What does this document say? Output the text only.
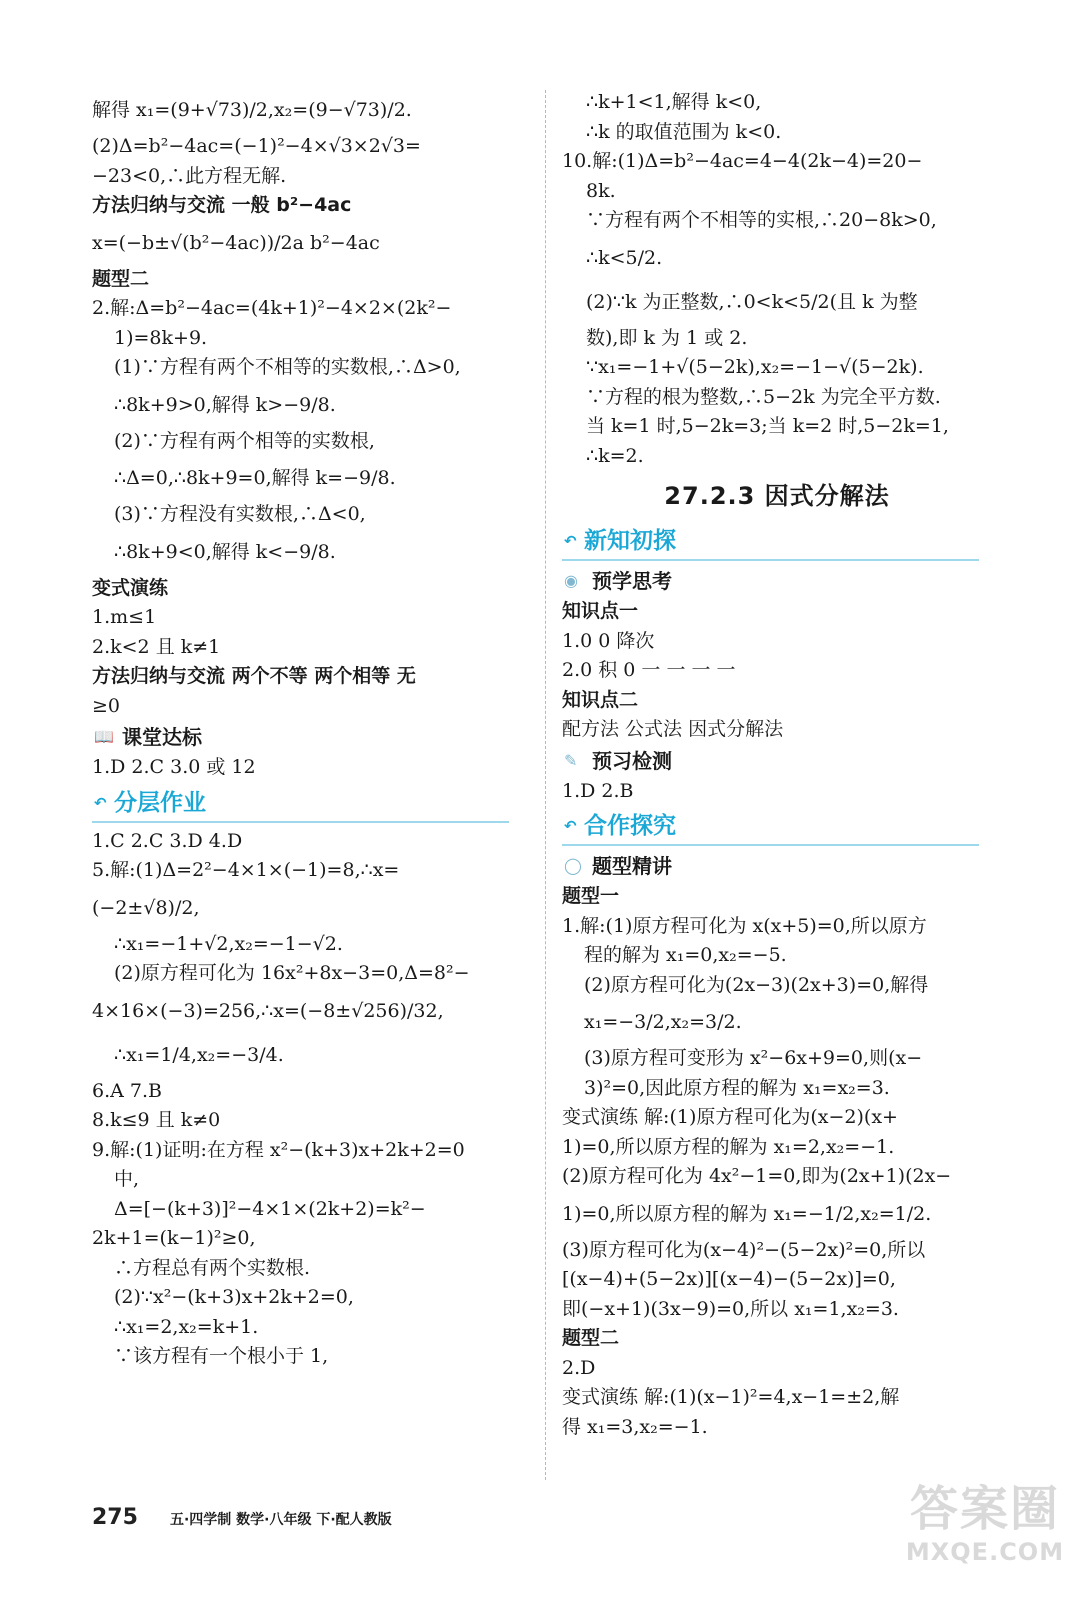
解得 x₁=(9+√73)/2,x₂=(9−√73)/2.
(2)Δ=b²−4ac=(−1)²−4×√3×2√3=
−23<0,∴此方程无解.
方法归纳与交流 一般 b²−4ac
x=(−b±√(b²−4ac))/2a b²−4ac
题型二
2.解:Δ=b²−4ac=(4k+1)²−4×2×(2k²−
1)=8k+9.
(1)∵方程有两个不相等的实数根,∴Δ>0,
∴8k+9>0,解得 k>−9/8.
(2)∵方程有两个相等的实数根,
∴Δ=0,∴8k+9=0,解得 k=−9/8.
(3)∵方程没有实数根,∴Δ<0,
∴8k+9<0,解得 k<−9/8.
变式演练
1.m≤1
2.k<2 且 k≠1
方法归纳与交流 两个不等 两个相等 无
≥0
📖 课堂达标
1.D 2.C 3.0 或 12
↶ 分层作业
1.C 2.C 3.D 4.D
5.解:(1)Δ=2²−4×1×(−1)=8,∴x=
(−2±√8)/2,
∴x₁=−1+√2,x₂=−1−√2.
(2)原方程可化为 16x²+8x−3=0,Δ=8²−
4×16×(−3)=256,∴x=(−8±√256)/32,
∴x₁=1/4,x₂=−3/4.
6.A 7.B
8.k≤9 且 k≠0
9.解:(1)证明:在方程 x²−(k+3)x+2k+2=0
中,
Δ=[−(k+3)]²−4×1×(2k+2)=k²−
2k+1=(k−1)²≥0,
∴方程总有两个实数根.
(2)∵x²−(k+3)x+2k+2=0,
∴x₁=2,x₂=k+1.
∵该方程有一个根小于 1,
∴k+1<1,解得 k<0,
∴k 的取值范围为 k<0.
10.解:(1)Δ=b²−4ac=4−4(2k−4)=20−
8k.
∵方程有两个不相等的实根,∴20−8k>0,
∴k<5/2.
(2)∵k 为正整数,∴0<k<5/2(且 k 为整
数),即 k 为 1 或 2.
∵x₁=−1+√(5−2k),x₂=−1−√(5−2k).
∵方程的根为整数,∴5−2k 为完全平方数.
当 k=1 时,5−2k=3;当 k=2 时,5−2k=1,
∴k=2.
27.2.3 因式分解法
↶ 新知初探
◉ 预学思考
知识点一
1.0 0 降次
2.0 积 0 一 一 一 一
知识点二
配方法 公式法 因式分解法
✎ 预习检测
1.D 2.B
↶ 合作探究
◯ 题型精讲
题型一
1.解:(1)原方程可化为 x(x+5)=0,所以原方
程的解为 x₁=0,x₂=−5.
(2)原方程可化为(2x−3)(2x+3)=0,解得
x₁=−3/2,x₂=3/2.
(3)原方程可变形为 x²−6x+9=0,则(x−
3)²=0,因此原方程的解为 x₁=x₂=3.
变式演练 解:(1)原方程可化为(x−2)(x+
1)=0,所以原方程的解为 x₁=2,x₂=−1.
(2)原方程可化为 4x²−1=0,即为(2x+1)(2x−
1)=0,所以原方程的解为 x₁=−1/2,x₂=1/2.
(3)原方程可化为(x−4)²−(5−2x)²=0,所以
[(x−4)+(5−2x)][(x−4)−(5−2x)]=0,
即(−x+1)(3x−9)=0,所以 x₁=1,x₂=3.
题型二
2.D
变式演练 解:(1)(x−1)²=4,x−1=±2,解
得 x₁=3,x₂=−1.
275 五·四学制 数学·八年级 下·配人教版	答案圈
MXQE.COM
